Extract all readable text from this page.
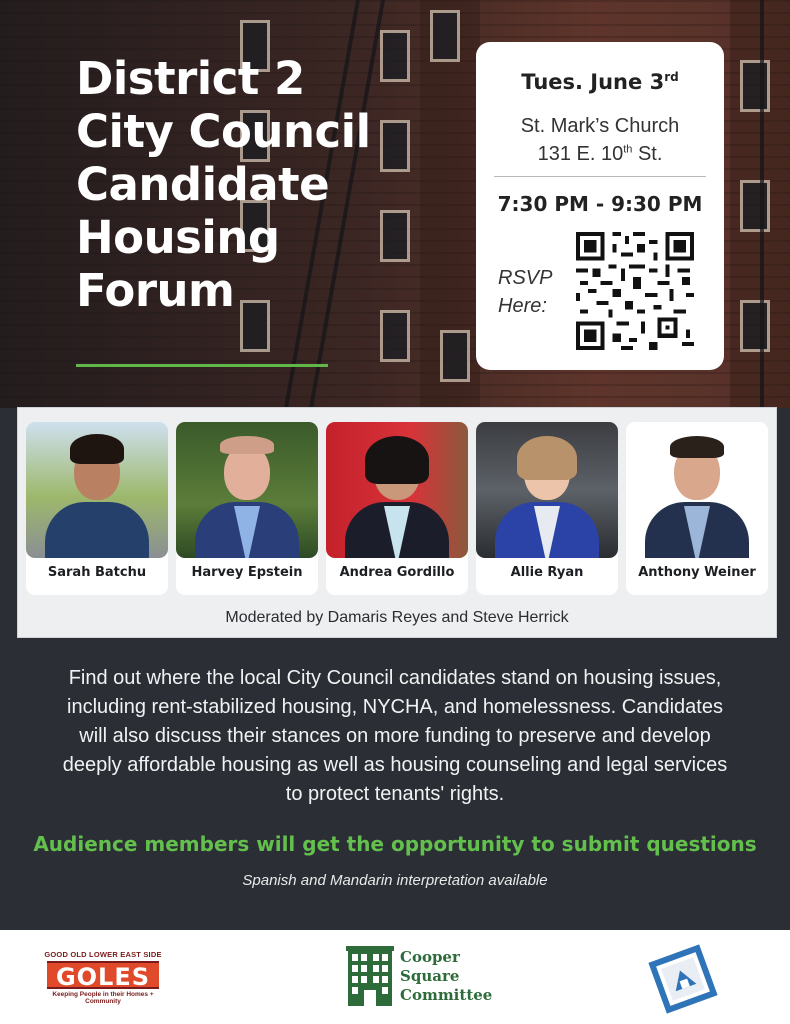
District 2
City Council
Candidate
Housing
Forum
Tues. June 3rd
St. Mark’s Church
131 E. 10th St.
7:30 PM - 9:30 PM
RSVP
Here:
Sarah Batchu	Harvey Epstein	Andrea Gordillo	Allie Ryan	Anthony Weiner
Moderated by Damaris Reyes and Steve Herrick

Find out where the local City Council candidates stand on housing issues, including rent-stabilized housing, NYCHA, and homelessness. Candidates will also discuss their stances on more funding to preserve and develop deeply affordable housing as well as housing counseling and legal services to protect tenants' rights.

Audience members will get the opportunity to submit questions
Spanish and Mandarin interpretation available
GOOD OLD LOWER EAST SIDE
GOLES
Keeping People in their Homes + Community
Cooper
Square
Committee
